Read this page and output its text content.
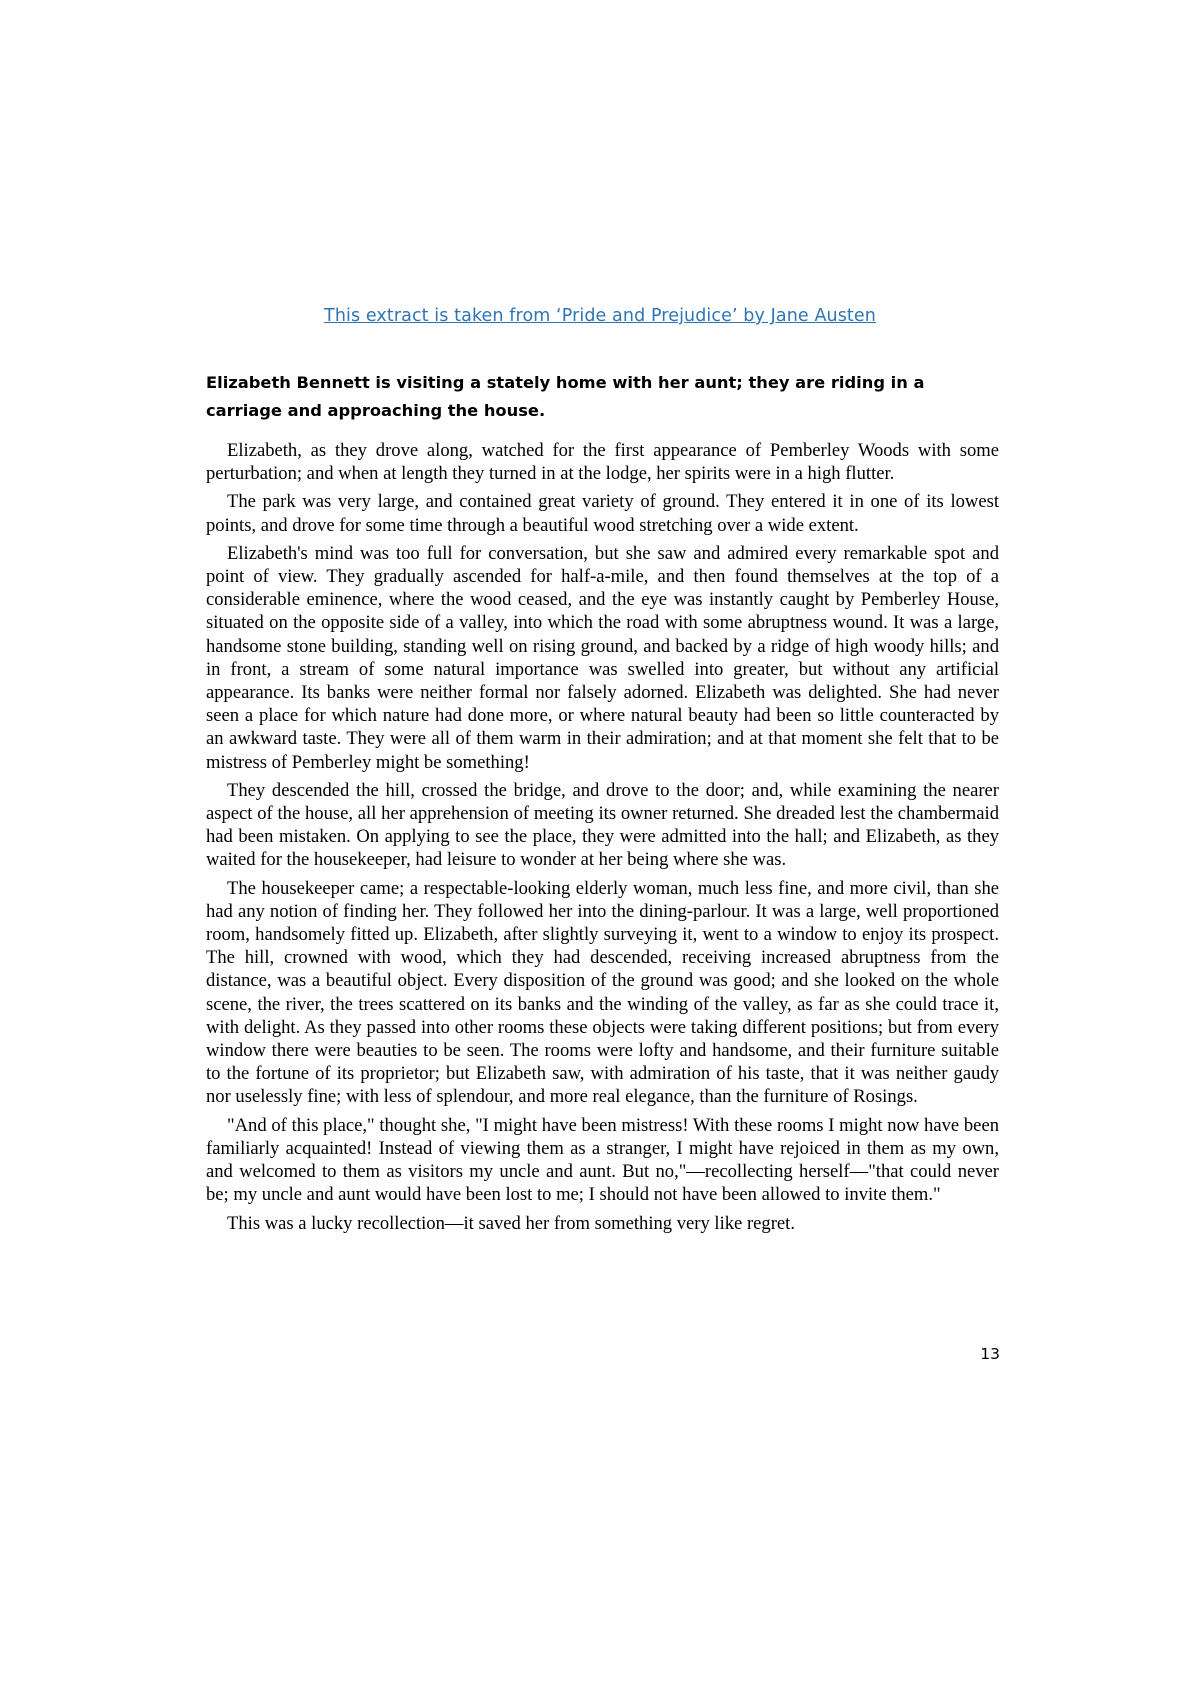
This extract is taken from ‘Pride and Prejudice’ by Jane Austen
Elizabeth Bennett is visiting a stately home with her aunt; they are riding in a carriage and approaching the house.

Elizabeth, as they drove along, watched for the first appearance of Pemberley Woods with some perturbation; and when at length they turned in at the lodge, her spirits were in a high flutter.

The park was very large, and contained great variety of ground. They entered it in one of its lowest points, and drove for some time through a beautiful wood stretching over a wide extent.

Elizabeth's mind was too full for conversation, but she saw and admired every remarkable spot and point of view. They gradually ascended for half-a-mile, and then found themselves at the top of a considerable eminence, where the wood ceased, and the eye was instantly caught by Pemberley House, situated on the opposite side of a valley, into which the road with some abruptness wound. It was a large, handsome stone building, standing well on rising ground, and backed by a ridge of high woody hills; and in front, a stream of some natural importance was swelled into greater, but without any artificial appearance. Its banks were neither formal nor falsely adorned. Elizabeth was delighted. She had never seen a place for which nature had done more, or where natural beauty had been so little counteracted by an awkward taste. They were all of them warm in their admiration; and at that moment she felt that to be mistress of Pemberley might be something!

They descended the hill, crossed the bridge, and drove to the door; and, while examining the nearer aspect of the house, all her apprehension of meeting its owner returned. She dreaded lest the chambermaid had been mistaken. On applying to see the place, they were admitted into the hall; and Elizabeth, as they waited for the housekeeper, had leisure to wonder at her being where she was.

The housekeeper came; a respectable-looking elderly woman, much less fine, and more civil, than she had any notion of finding her. They followed her into the dining-parlour. It was a large, well proportioned room, handsomely fitted up. Elizabeth, after slightly surveying it, went to a window to enjoy its prospect. The hill, crowned with wood, which they had descended, receiving increased abruptness from the distance, was a beautiful object. Every disposition of the ground was good; and she looked on the whole scene, the river, the trees scattered on its banks and the winding of the valley, as far as she could trace it, with delight. As they passed into other rooms these objects were taking different positions; but from every window there were beauties to be seen. The rooms were lofty and handsome, and their furniture suitable to the fortune of its proprietor; but Elizabeth saw, with admiration of his taste, that it was neither gaudy nor uselessly fine; with less of splendour, and more real elegance, than the furniture of Rosings.

"And of this place," thought she, "I might have been mistress! With these rooms I might now have been familiarly acquainted! Instead of viewing them as a stranger, I might have rejoiced in them as my own, and welcomed to them as visitors my uncle and aunt. But no,"—recollecting herself—"that could never be; my uncle and aunt would have been lost to me; I should not have been allowed to invite them."

This was a lucky recollection—it saved her from something very like regret.

13
